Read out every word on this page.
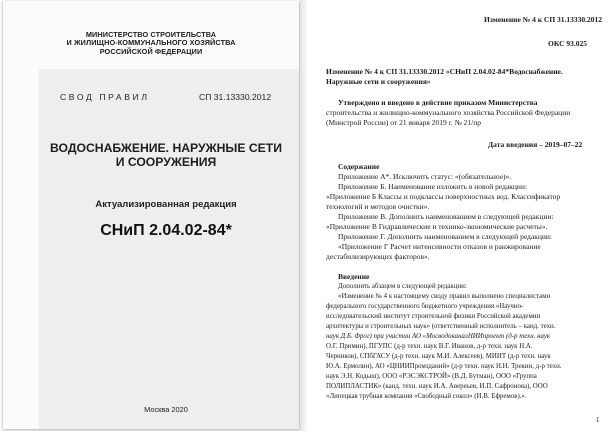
МИНИСТЕРСТВО СТРОИТЕЛЬСТВА
И ЖИЛИЩНО-КОММУНАЛЬНОГО ХОЗЯЙСТВА
РОССИЙСКОЙ ФЕДЕРАЦИИ
СВОД ПРАВИЛ	СП 31.13330.2012
ВОДОСНАБЖЕНИЕ. НАРУЖНЫЕ СЕТИ
И СООРУЖЕНИЯ
Актуализированная редакция
СНиП 2.04.02-84*
Москва 2020
Изменение № 4 к СП 31.13330.2012
ОКС 93.025
Изменение № 4 к СП 31.13330.2012 «СНиП 2.04.02-84*Водоснабжение.
Наружные сети и сооружения»
Утверждено и введено в действие приказом Министерства
строительства и жилищно-коммунального хозяйства Российской Федерации
(Минстрой России) от 21 января 2019 г. № 21/пр
Дата введения – 2019–07–22
Содержание
Приложение А*. Исключить статус: «(обязательное)».
Приложение Б. Наименование изложить в новой редакции:
«Приложение Б Классы и подклассы поверхностных вод. Классификатор
технологий и методов очистки».
Приложение В. Дополнить наименованием в следующей редакции:
«Приложение В Гидравлические и технико-экономические расчеты».
Приложение Г. Дополнить наименованием в следующей редакции:
«Приложение Г Расчет интенсивности отказов и ранжирование
дестабилизирующих факторов».
Введение
Дополнить абзацем в следующей редакции:
«Изменение № 4 к настоящему своду правил выполнено специалистами
федерального государственного бюджетного учреждения «Научно-
исследовательский институт строительной физики Российской академии
архитектуры и строительных наук» (ответственный исполнитель – канд. техн.
наук Д.Б. Фрог) при участии АО «МосводоканалНИИпроект (д-р техн. наук
О.Г. Примин), ПГУПС (д-р техн. наук В.Г. Иванов, д-р техн. наук Н.А.
Черников), СПбГАСУ (д-р техн. наук М.И. Алексеев), МИИТ (д-р техн. наук
Ю.А. Ермолин), АО «ЦНИИПромзданий» (д-р техн. наук Н.Н. Трекин, д-р техн.
наук Э.Н. Кодыш), ООО «РЭСЭКСТРОЙ» (В.Д. Бутман), ООО «Группа
ПОЛИПЛАСТИК» (канд. техн. наук И.А. Авереьев, И.П. Сафронова), ООО
«Липецкая трубная компания «Свободный сокол» (И.В. Ефремов).».
1
